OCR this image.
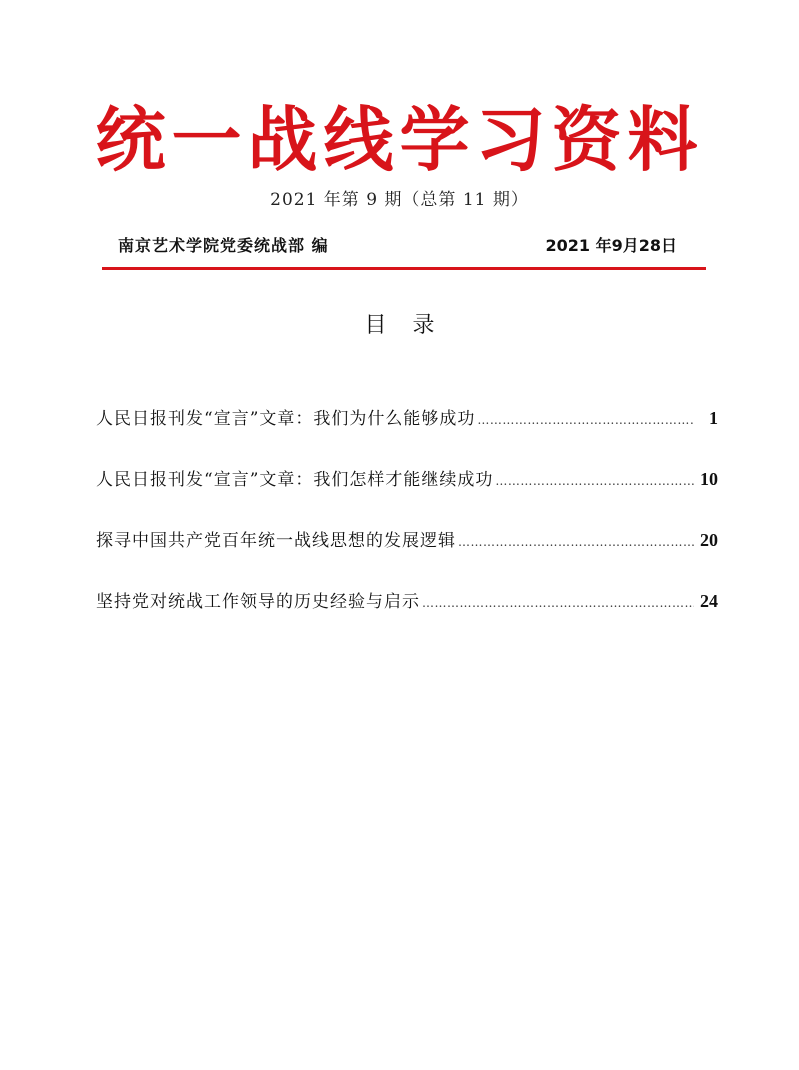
统一战线学习资料
2021 年第 9 期（总第 11 期）
南京艺术学院党委统战部 编	2021 年9月28日
目录
人民日报刊发“宣言”文章：我们为什么能够成功 ……………………………………………………………………………………………………………………………………………………………………	1
人民日报刊发“宣言”文章：我们怎样才能继续成功 ……………………………………………………………………………………………………………………………………………………………………	10
探寻中国共产党百年统一战线思想的发展逻辑 ……………………………………………………………………………………………………………………………………………………………………	20
坚持党对统战工作领导的历史经验与启示 ……………………………………………………………………………………………………………………………………………………………………	24
